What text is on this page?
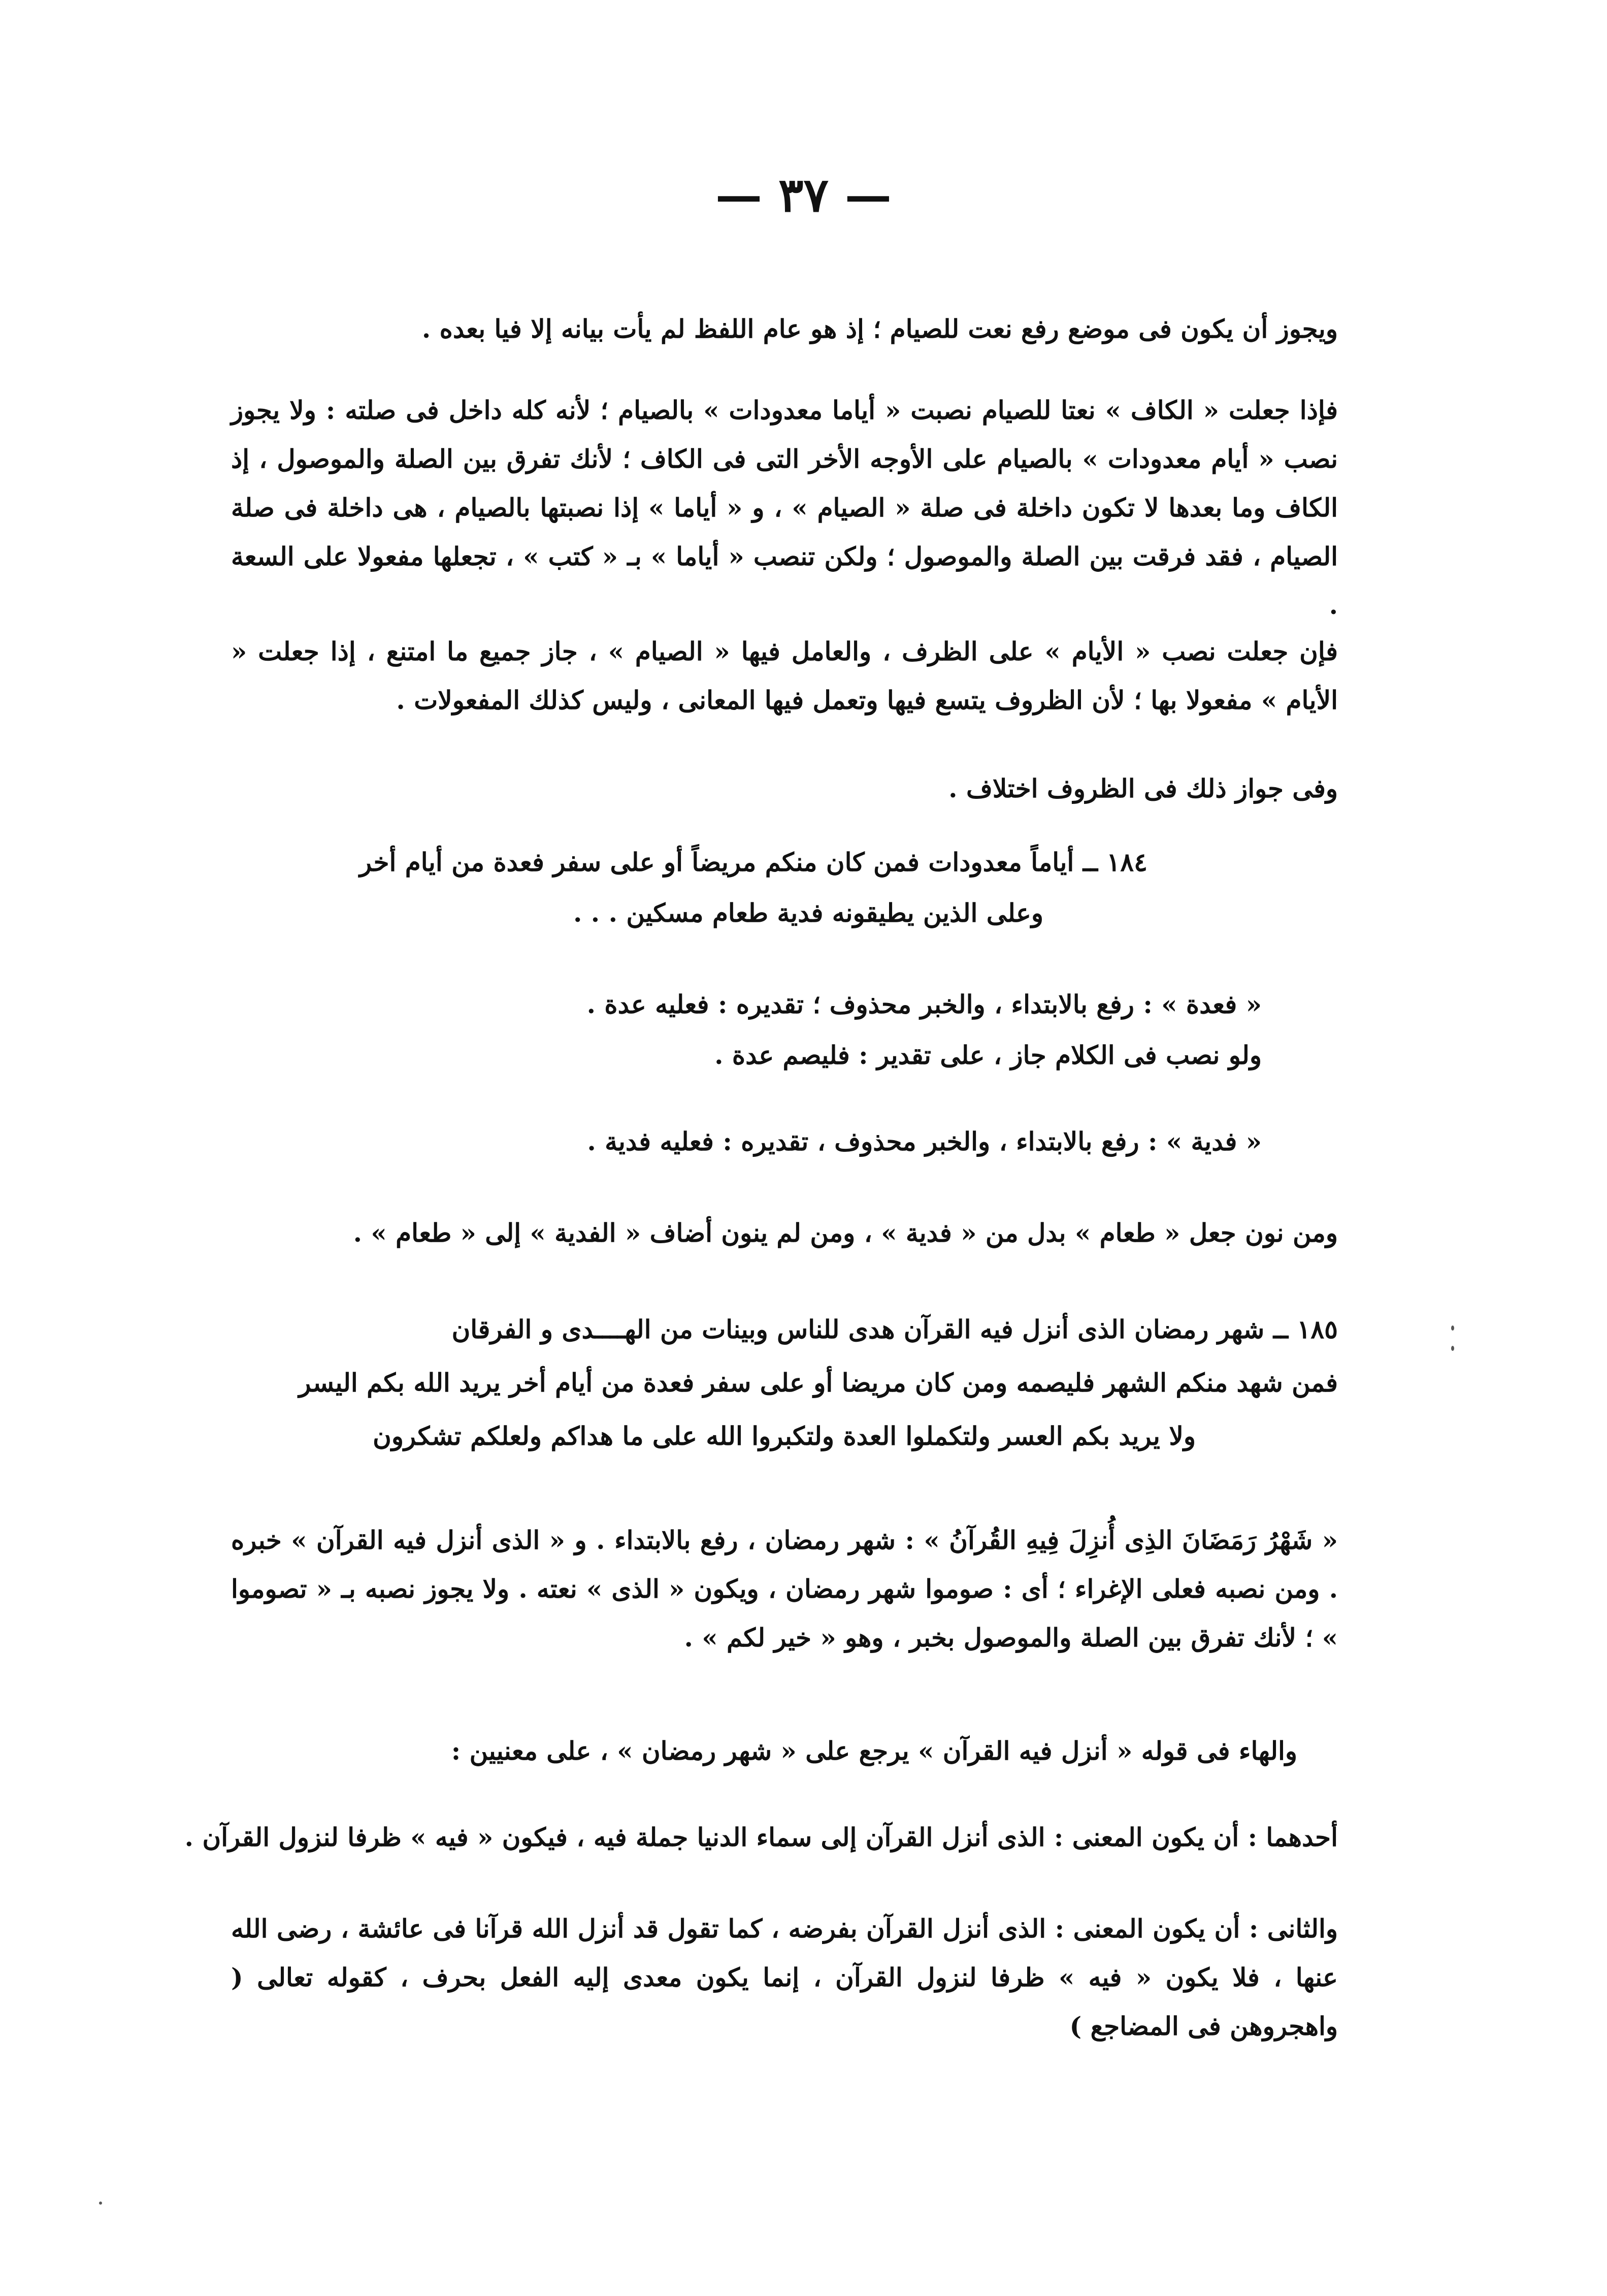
— ٣٧ —

ويجوز أن يكون فى موضع رفع نعت للصيام ؛ إذ هو عام اللفظ لم يأت بيانه إلا فيا بعده .

فإذا جعلت « الكاف » نعتا للصيام نصبت « أياما معدودات » بالصيام ؛ لأنه كله داخل فى صلته : ولا يجوز نصب « أيام معدودات » بالصيام على الأوجه الأخر التى فى الكاف ؛ لأنك تفرق بين الصلة والموصول ، إذ الكاف وما بعدها لا تكون داخلة فى صلة « الصيام » ، و « أياما » إذا نصبتها بالصيام ، هى داخلة فى صلة الصيام ، فقد فرقت بين الصلة والموصول ؛ ولكن تنصب « أياما » بـ « كتب » ، تجعلها مفعولا على السعة .

فإن جعلت نصب « الأيام » على الظرف ، والعامل فيها « الصيام » ، جاز جميع ما امتنع ، إذا جعلت « الأيام » مفعولا بها ؛ لأن الظروف يتسع فيها وتعمل فيها المعانى ، وليس كذلك المفعولات .

وفى جواز ذلك فى الظروف اختلاف .

١٨٤ ــ أياماً معدودات فمن كان منكم مريضاً أو على سفر فعدة من أيام أخر
وعلى الذين يطيقونه فدية طعام مسكين . . .
« فعدة » : رفع بالابتداء ، والخبر محذوف ؛ تقديره : فعليه عدة .
ولو نصب فى الكلام جاز ، على تقدير : فليصم عدة .
« فدية » : رفع بالابتداء ، والخبر محذوف ، تقديره : فعليه فدية .
ومن نون جعل « طعام » بدل من « فدية » ، ومن لم ينون أضاف « الفدية » إلى « طعام » .
١٨٥ ــ شهر رمضان الذى أنزل فيه القرآن هدى للناس وبينات من الهــــدى و الفرقان
فمن شهد منكم الشهر فليصمه ومن كان مريضا أو على سفر فعدة من أيام أخر يريد الله بكم اليسر
ولا يريد بكم العسر ولتكملوا العدة ولتكبروا الله على ما هداكم ولعلكم تشكرون

« شَهْرُ رَمَضَانَ الذِى أُنزِلَ فِيهِ القُرآنُ » : شهر رمضان ، رفع بالابتداء . و « الذى أنزل فيه القرآن » خبره . ومن نصبه فعلى الإغراء ؛ أى : صوموا شهر رمضان ، ويكون « الذى » نعته . ولا يجوز نصبه بـ « تصوموا » ؛ لأنك تفرق بين الصلة والموصول بخبر ، وهو « خير لكم » .

والهاء فى قوله « أنزل فيه القرآن » يرجع على « شهر رمضان » ، على معنيين :
أحدهما : أن يكون المعنى : الذى أنزل القرآن إلى سماء الدنيا جملة فيه ، فيكون « فيه » ظرفا لنزول القرآن .

والثانى : أن يكون المعنى : الذى أنزل القرآن بفرضه ، كما تقول قد أنزل الله قرآنا فى عائشة ، رضى الله عنها ، فلا يكون « فيه » ظرفا لنزول القرآن ، إنما يكون معدى إليه الفعل بحرف ، كقوله تعالى ( واهجروهن فى المضاجع )
